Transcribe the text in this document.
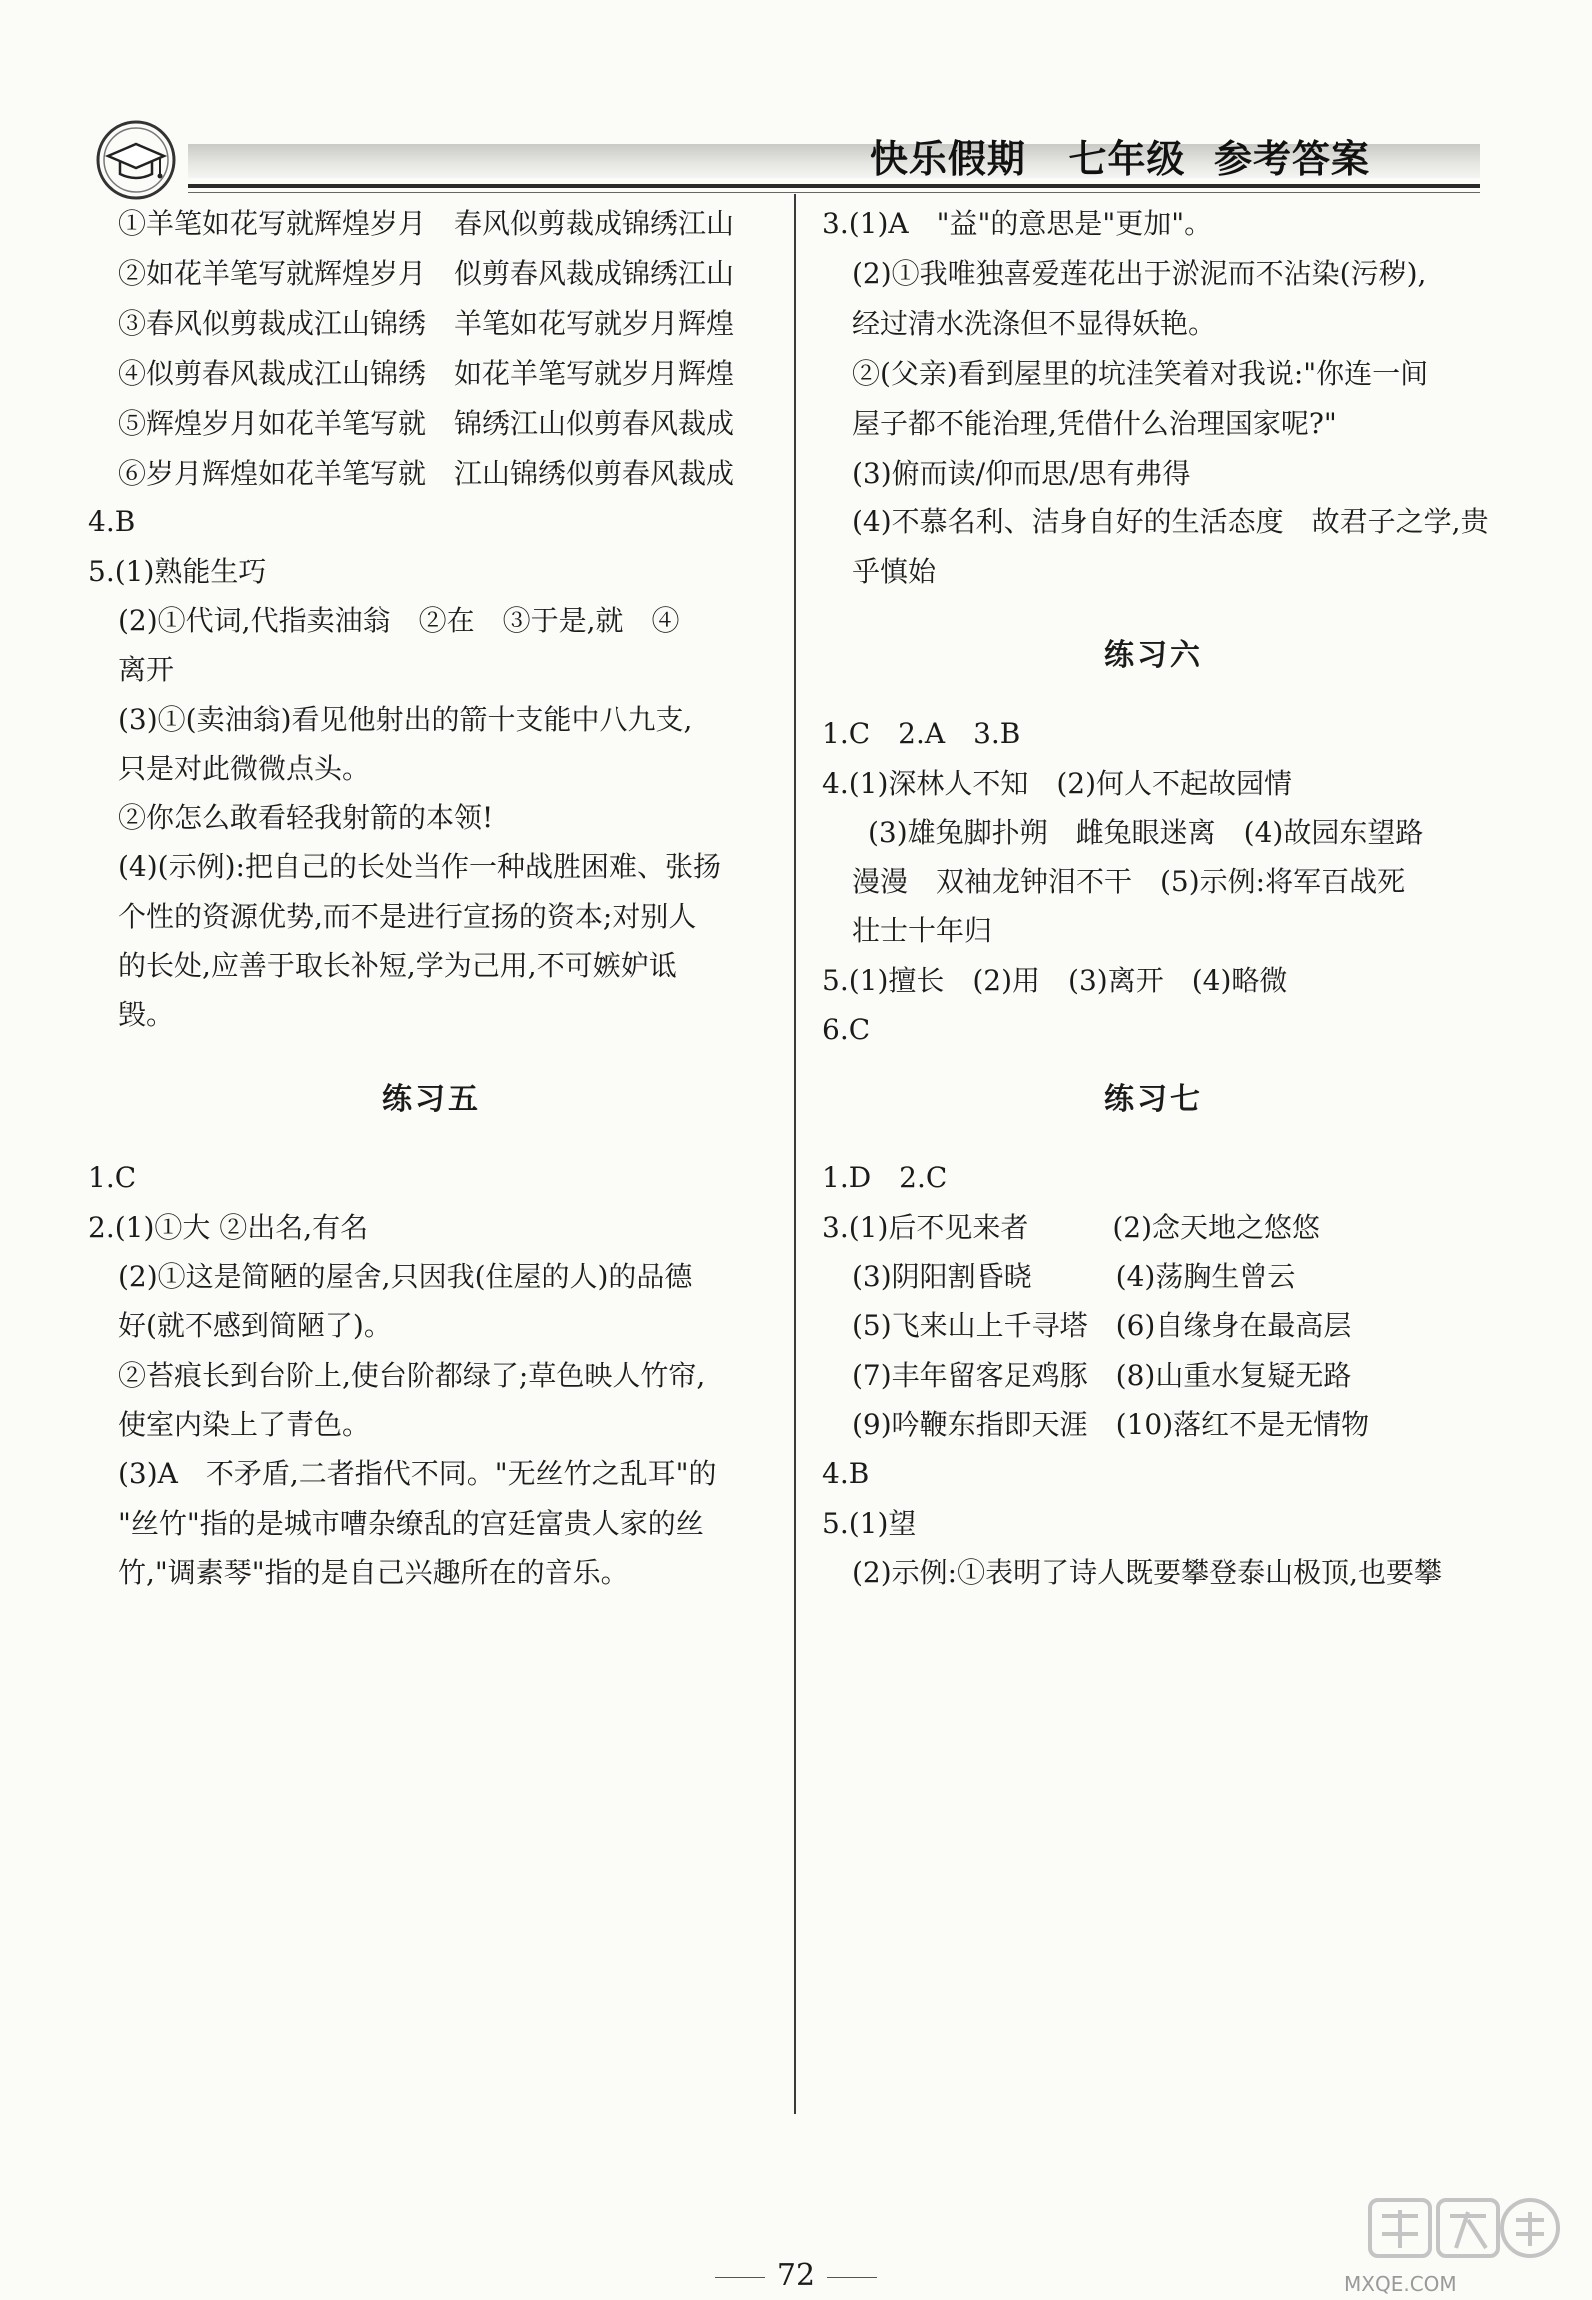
快乐假期   七年级  参考答案
①羊笔如花写就辉煌岁月　春风似剪裁成锦绣江山
②如花羊笔写就辉煌岁月　似剪春风裁成锦绣江山
③春风似剪裁成江山锦绣　羊笔如花写就岁月辉煌
④似剪春风裁成江山锦绣　如花羊笔写就岁月辉煌
⑤辉煌岁月如花羊笔写就　锦绣江山似剪春风裁成
⑥岁月辉煌如花羊笔写就　江山锦绣似剪春风裁成
4.B
5.(1)熟能生巧
(2)①代词,代指卖油翁　②在　③于是,就　④
离开
(3)①(卖油翁)看见他射出的箭十支能中八九支,
只是对此微微点头。
②你怎么敢看轻我射箭的本领!
(4)(示例):把自己的长处当作一种战胜困难、张扬
个性的资源优势,而不是进行宣扬的资本;对别人
的长处,应善于取长补短,学为己用,不可嫉妒诋
毁。
练习五
1.C
2.(1)①大 ②出名,有名
(2)①这是简陋的屋舍,只因我(住屋的人)的品德
好(就不感到简陋了)。
②苔痕长到台阶上,使台阶都绿了;草色映人竹帘,
使室内染上了青色。
(3)A　不矛盾,二者指代不同。"无丝竹之乱耳"的
"丝竹"指的是城市嘈杂缭乱的宫廷富贵人家的丝
竹,"调素琴"指的是自己兴趣所在的音乐。
3.(1)A　"益"的意思是"更加"。
(2)①我唯独喜爱莲花出于淤泥而不沾染(污秽),
经过清水洗涤但不显得妖艳。
②(父亲)看到屋里的坑洼笑着对我说:"你连一间
屋子都不能治理,凭借什么治理国家呢?"
(3)俯而读/仰而思/思有弗得
(4)不慕名利、洁身自好的生活态度　故君子之学,贵
乎慎始
练习六
1.C　2.A　3.B
4.(1)深林人不知　(2)何人不起故园情
(3)雄兔脚扑朔　雌兔眼迷离　(4)故园东望路
漫漫　双袖龙钟泪不干　(5)示例:将军百战死
壮士十年归
5.(1)擅长　(2)用　(3)离开　(4)略微
6.C
练习七
1.D　2.C
3.(1)后不见来者　　　(2)念天地之悠悠
(3)阴阳割昏晓　　　(4)荡胸生曾云
(5)飞来山上千寻塔　(6)自缘身在最高层
(7)丰年留客足鸡豚　(8)山重水复疑无路
(9)吟鞭东指即天涯　(10)落红不是无情物
4.B
5.(1)望
(2)示例:①表明了诗人既要攀登泰山极顶,也要攀
72	MXQE.COM
